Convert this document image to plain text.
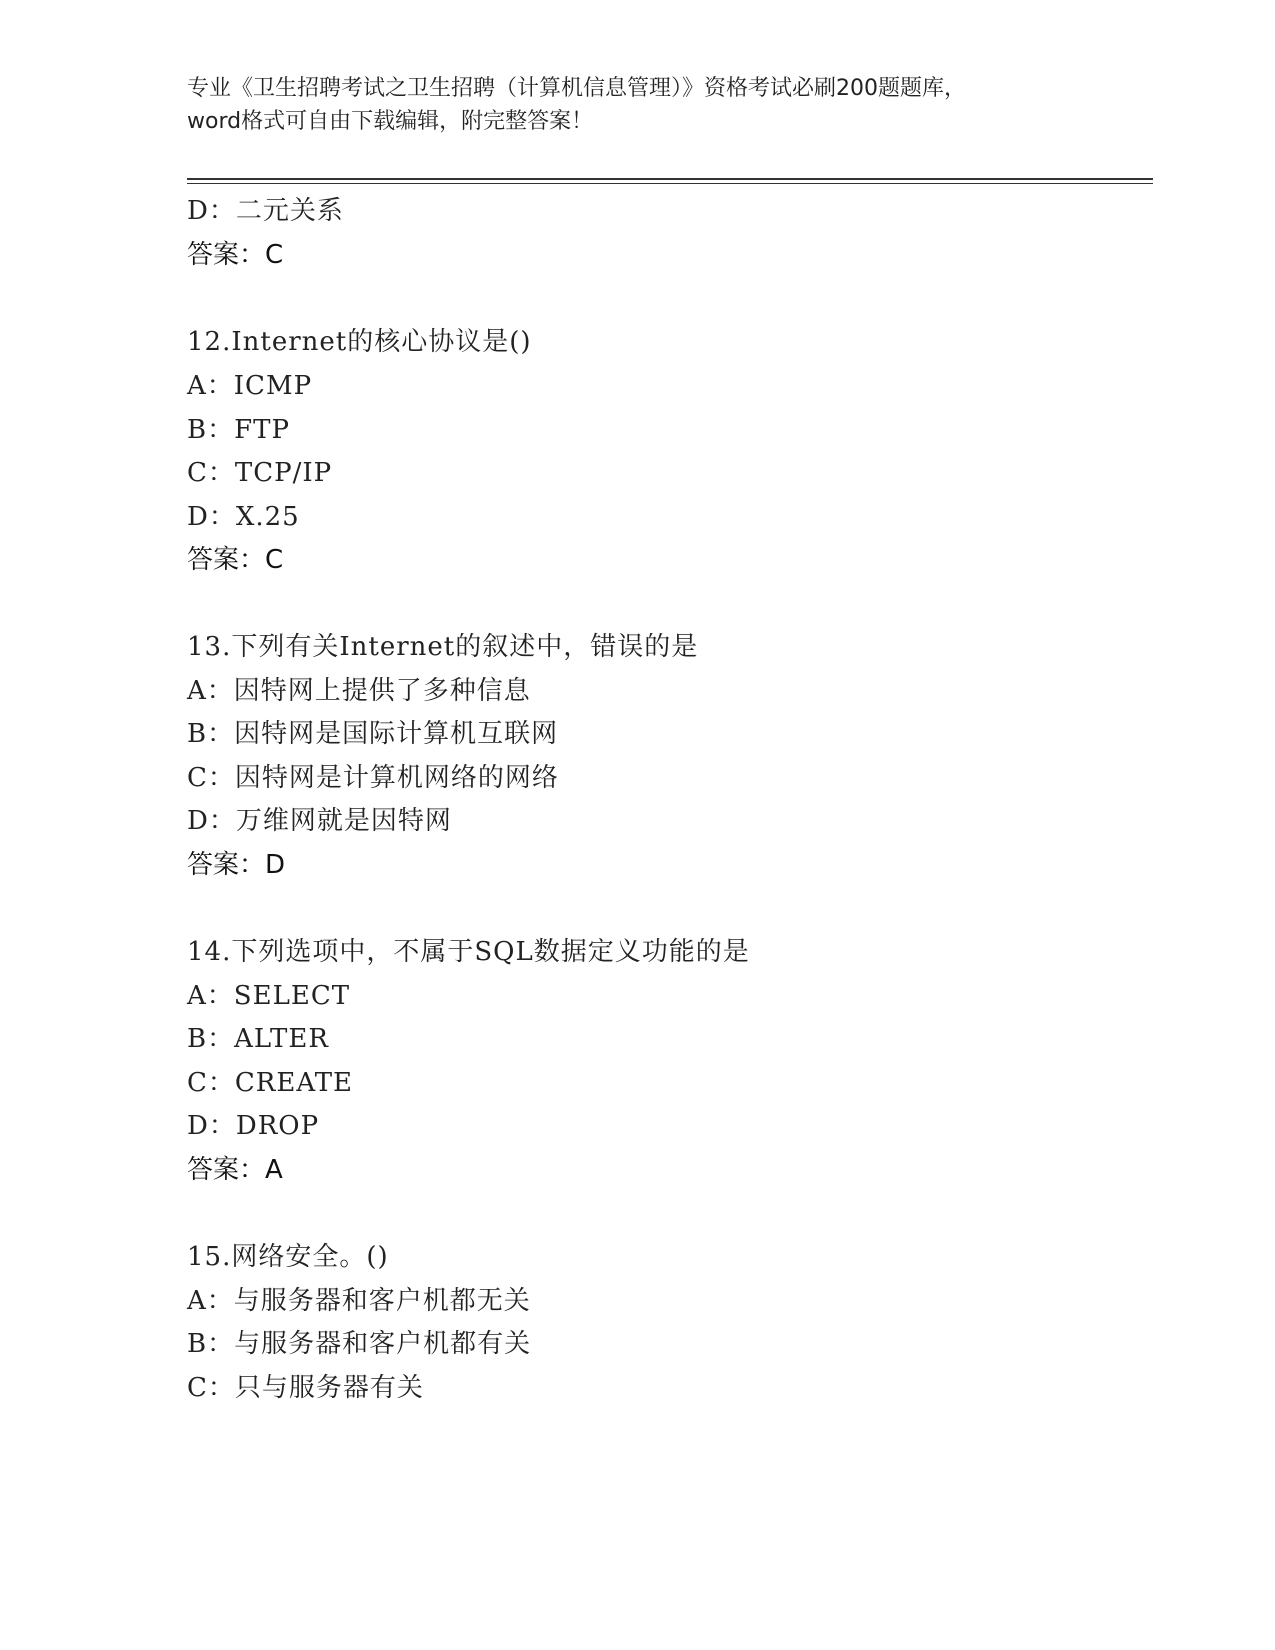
专业《卫生招聘考试之卫生招聘（计算机信息管理）》资格考试必刷200题题库，
word格式可自由下载编辑，附完整答案！
D：二元关系
答案：C
12.Internet的核心协议是()
A：ICMP
B：FTP
C：TCP/IP
D：X.25
答案：C
13.下列有关Internet的叙述中，错误的是
A：因特网上提供了多种信息
B：因特网是国际计算机互联网
C：因特网是计算机网络的网络
D：万维网就是因特网
答案：D
14.下列选项中，不属于SQL数据定义功能的是
A：SELECT
B：ALTER
C：CREATE
D：DROP
答案：A
15.网络安全。()
A：与服务器和客户机都无关
B：与服务器和客户机都有关
C：只与服务器有关
